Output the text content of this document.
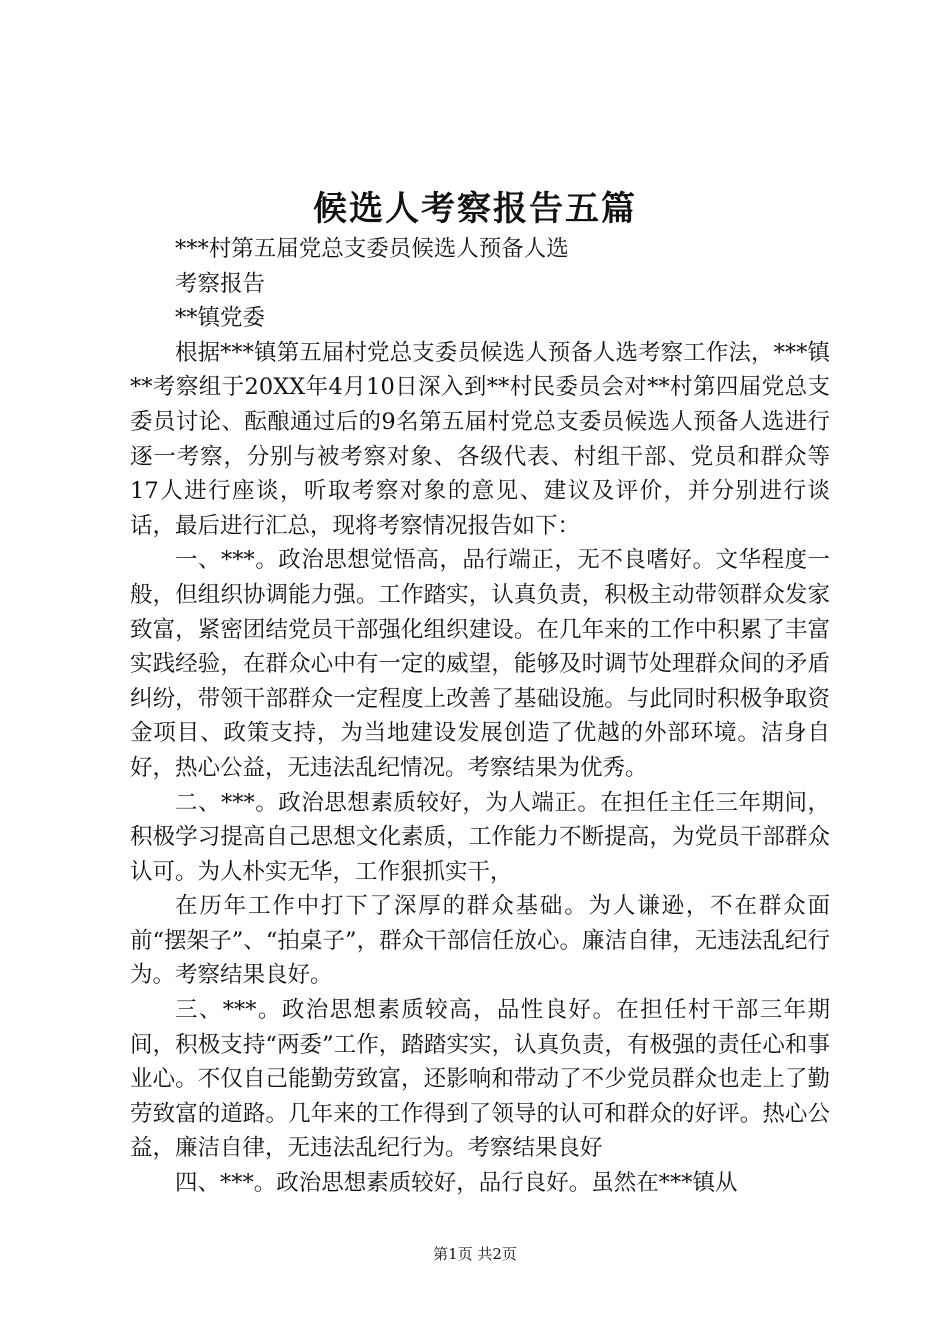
候选人考察报告五篇

***村第五届党总支委员候选人预备人选

考察报告

**镇党委

根据***镇第五届村党总支委员候选人预备人选考察工作法，***镇**考察组于20XX年4月10日深入到**村民委员会对**村第四届党总支委员讨论、酝酿通过后的9名第五届村党总支委员候选人预备人选进行逐一考察，分别与被考察对象、各级代表、村组干部、党员和群众等17人进行座谈，听取考察对象的意见、建议及评价，并分别进行谈话，最后进行汇总，现将考察情况报告如下：

一、***。政治思想觉悟高，品行端正，无不良嗜好。文华程度一般，但组织协调能力强。工作踏实，认真负责，积极主动带领群众发家致富，紧密团结党员干部强化组织建设。在几年来的工作中积累了丰富实践经验，在群众心中有一定的威望，能够及时调节处理群众间的矛盾纠纷，带领干部群众一定程度上改善了基础设施。与此同时积极争取资金项目、政策支持，为当地建设发展创造了优越的外部环境。洁身自好，热心公益，无违法乱纪情况。考察结果为优秀。

二、***。政治思想素质较好，为人端正。在担任主任三年期间，积极学习提高自己思想文化素质，工作能力不断提高，为党员干部群众认可。为人朴实无华，工作狠抓实干，

在历年工作中打下了深厚的群众基础。为人谦逊，不在群众面前“摆架子”、“拍桌子”，群众干部信任放心。廉洁自律，无违法乱纪行为。考察结果良好。

三、***。政治思想素质较高，品性良好。在担任村干部三年期间，积极支持“两委”工作，踏踏实实，认真负责，有极强的责任心和事业心。不仅自己能勤劳致富，还影响和带动了不少党员群众也走上了勤劳致富的道路。几年来的工作得到了领导的认可和群众的好评。热心公益，廉洁自律，无违法乱纪行为。考察结果良好

四、***。政治思想素质较好，品行良好。虽然在***镇从

第1页 共2页
